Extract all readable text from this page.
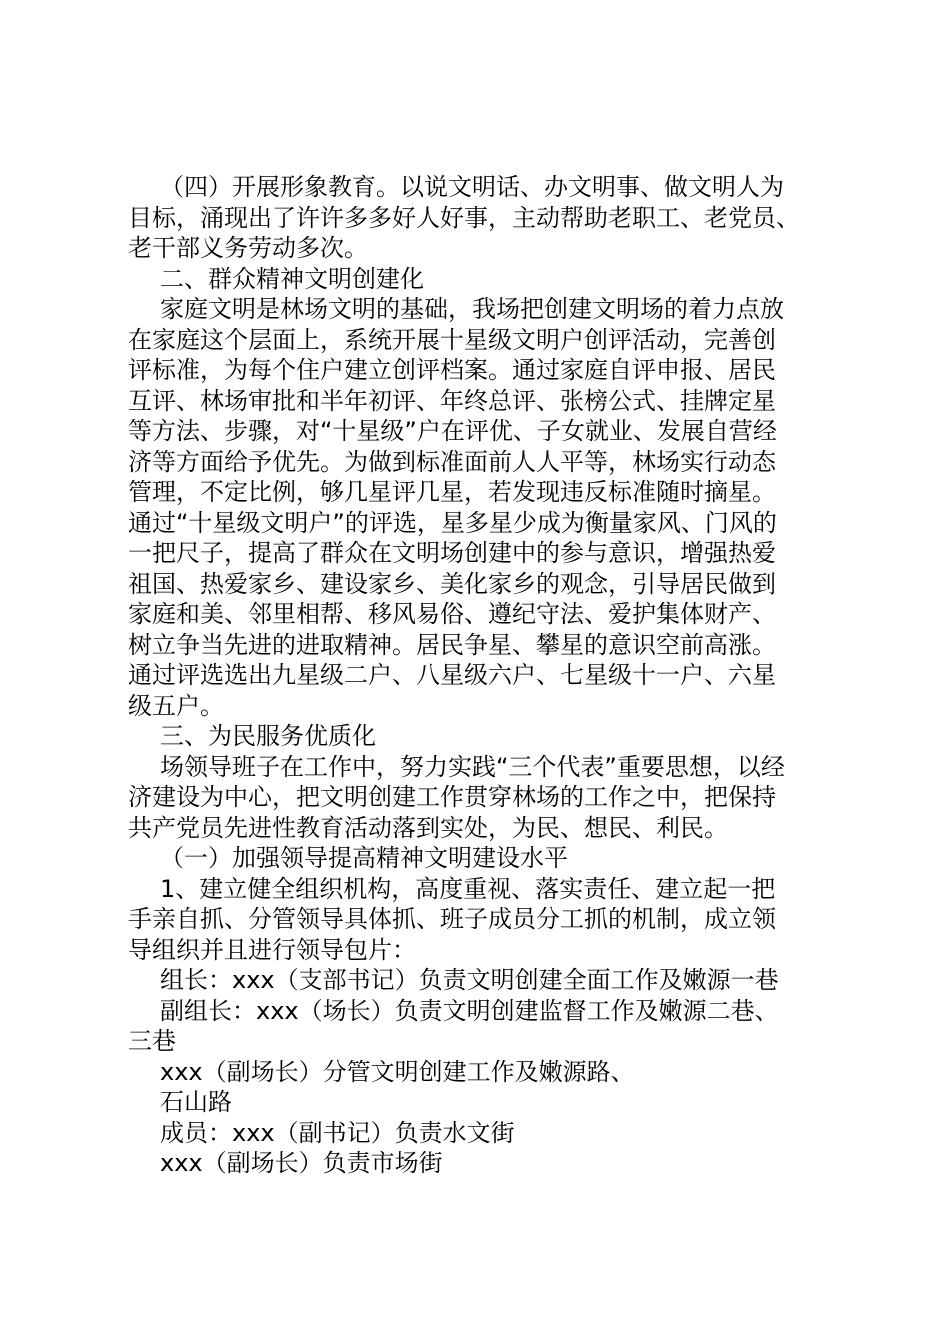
（四）开展形象教育。以说文明话、办文明事、做文明人为
目标，涌现出了许许多多好人好事，主动帮助老职工、老党员、
老干部义务劳动多次。
二、群众精神文明创建化
家庭文明是林场文明的基础，我场把创建文明场的着力点放
在家庭这个层面上，系统开展十星级文明户创评活动，完善创
评标准，为每个住户建立创评档案。通过家庭自评申报、居民
互评、林场审批和半年初评、年终总评、张榜公式、挂牌定星
等方法、步骤，对“十星级”户在评优、子女就业、发展自营经
济等方面给予优先。为做到标准面前人人平等，林场实行动态
管理，不定比例，够几星评几星，若发现违反标准随时摘星。
通过“十星级文明户”的评选，星多星少成为衡量家风、门风的
一把尺子，提高了群众在文明场创建中的参与意识，增强热爱
祖国、热爱家乡、建设家乡、美化家乡的观念，引导居民做到
家庭和美、邻里相帮、移风易俗、遵纪守法、爱护集体财产、
树立争当先进的进取精神。居民争星、攀星的意识空前高涨。
通过评选选出九星级二户、八星级六户、七星级十一户、六星
级五户。
三、为民服务优质化
场领导班子在工作中，努力实践“三个代表”重要思想，以经
济建设为中心，把文明创建工作贯穿林场的工作之中，把保持
共产党员先进性教育活动落到实处，为民、想民、利民。
（一）加强领导提高精神文明建设水平
1、建立健全组织机构，高度重视、落实责任、建立起一把
手亲自抓、分管领导具体抓、班子成员分工抓的机制，成立领
导组织并且进行领导包片：
组长：xxx（支部书记）负责文明创建全面工作及嫩源一巷
副组长：xxx（场长）负责文明创建监督工作及嫩源二巷、
三巷
xxx（副场长）分管文明创建工作及嫩源路、
石山路
成员：xxx（副书记）负责水文街
xxx（副场长）负责市场街
